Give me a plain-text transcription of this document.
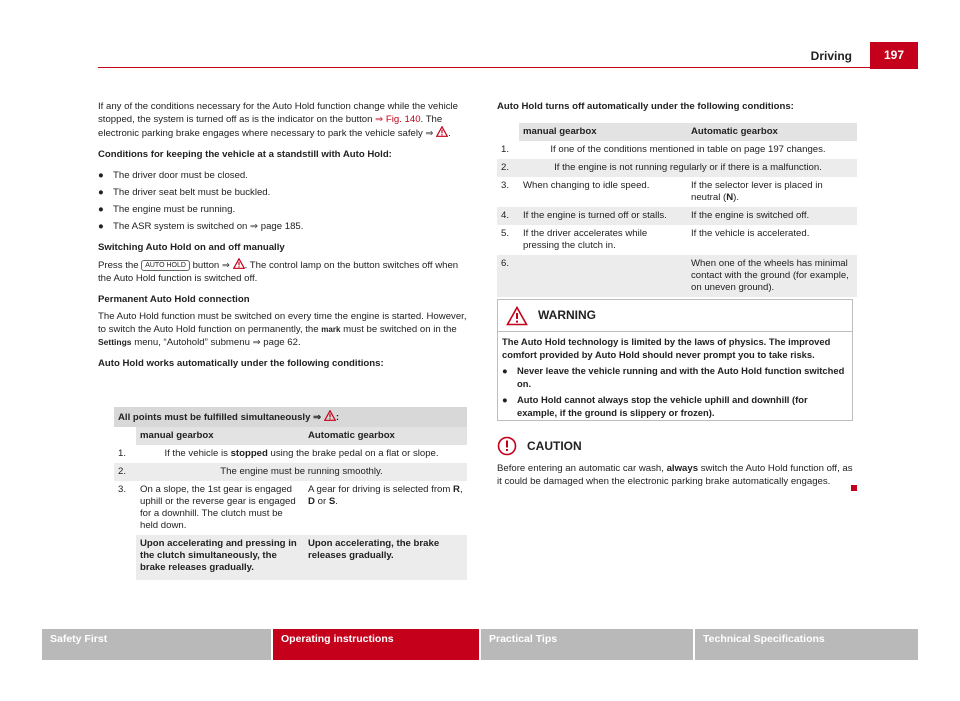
Driving	197

If any of the conditions necessary for the Auto Hold function change while the vehicle stopped, the system is turned off as is the indicator on the button ⇒ Fig. 140. The electronic parking brake engages where necessary to park the vehicle safely ⇒ .

Conditions for keeping the vehicle at a standstill with Auto Hold:

● The driver door must be closed.
● The driver seat belt must be buckled.
● The engine must be running.
● The ASR system is switched on ⇒ page 185.

Switching Auto Hold on and off manually

Press the AUTO HOLD button ⇒ . The control lamp on the button switches off when the Auto Hold function is switched off.

Permanent Auto Hold connection

The Auto Hold function must be switched on every time the engine is started. However, to switch the Auto Hold function on permanently, the mark must be switched on in the Settings menu, “Autohold” submenu ⇒ page 62.

Auto Hold works automatically under the following conditions:

All points must be fulfilled simultaneously ⇒ :		
	manual gearbox	Automatic gearbox
1.	If the vehicle is stopped using the brake pedal on a flat or slope.	
2.	The engine must be running smoothly.	
3.	On a slope, the 1st gear is engaged uphill or the reverse gear is engaged for a downhill. The clutch must be held down.	A gear for driving is selected from R, D or S.
	Upon accelerating and pressing in the clutch simultaneously, the brake releases gradually.	Upon accelerating, the brake releases gradually.

Auto Hold turns off automatically under the following conditions:

	manual gearbox	Automatic gearbox
1.	If one of the conditions mentioned in table on page 197 changes.	
2.	If the engine is not running regularly or if there is a malfunction.	
3.	When changing to idle speed.	If the selector lever is placed in neutral (N).
4.	If the engine is turned off or stalls.	If the engine is switched off.
5.	If the driver accelerates while pressing the clutch in.	If the vehicle is accelerated.
6.		When one of the wheels has minimal contact with the ground (for example, on uneven ground).
WARNING

The Auto Hold technology is limited by the laws of physics. The improved comfort provided by Auto Hold should never prompt you to take risks.

● Never leave the vehicle running and with the Auto Hold function switched on.
● Auto Hold cannot always stop the vehicle uphill and downhill (for example, if the ground is slippery or frozen).
CAUTION

Before entering an automatic car wash, always switch the Auto Hold function off, as it could be damaged when the electronic parking brake automatically engages.

Safety First	Operating instructions	Practical Tips	Technical Specifications
